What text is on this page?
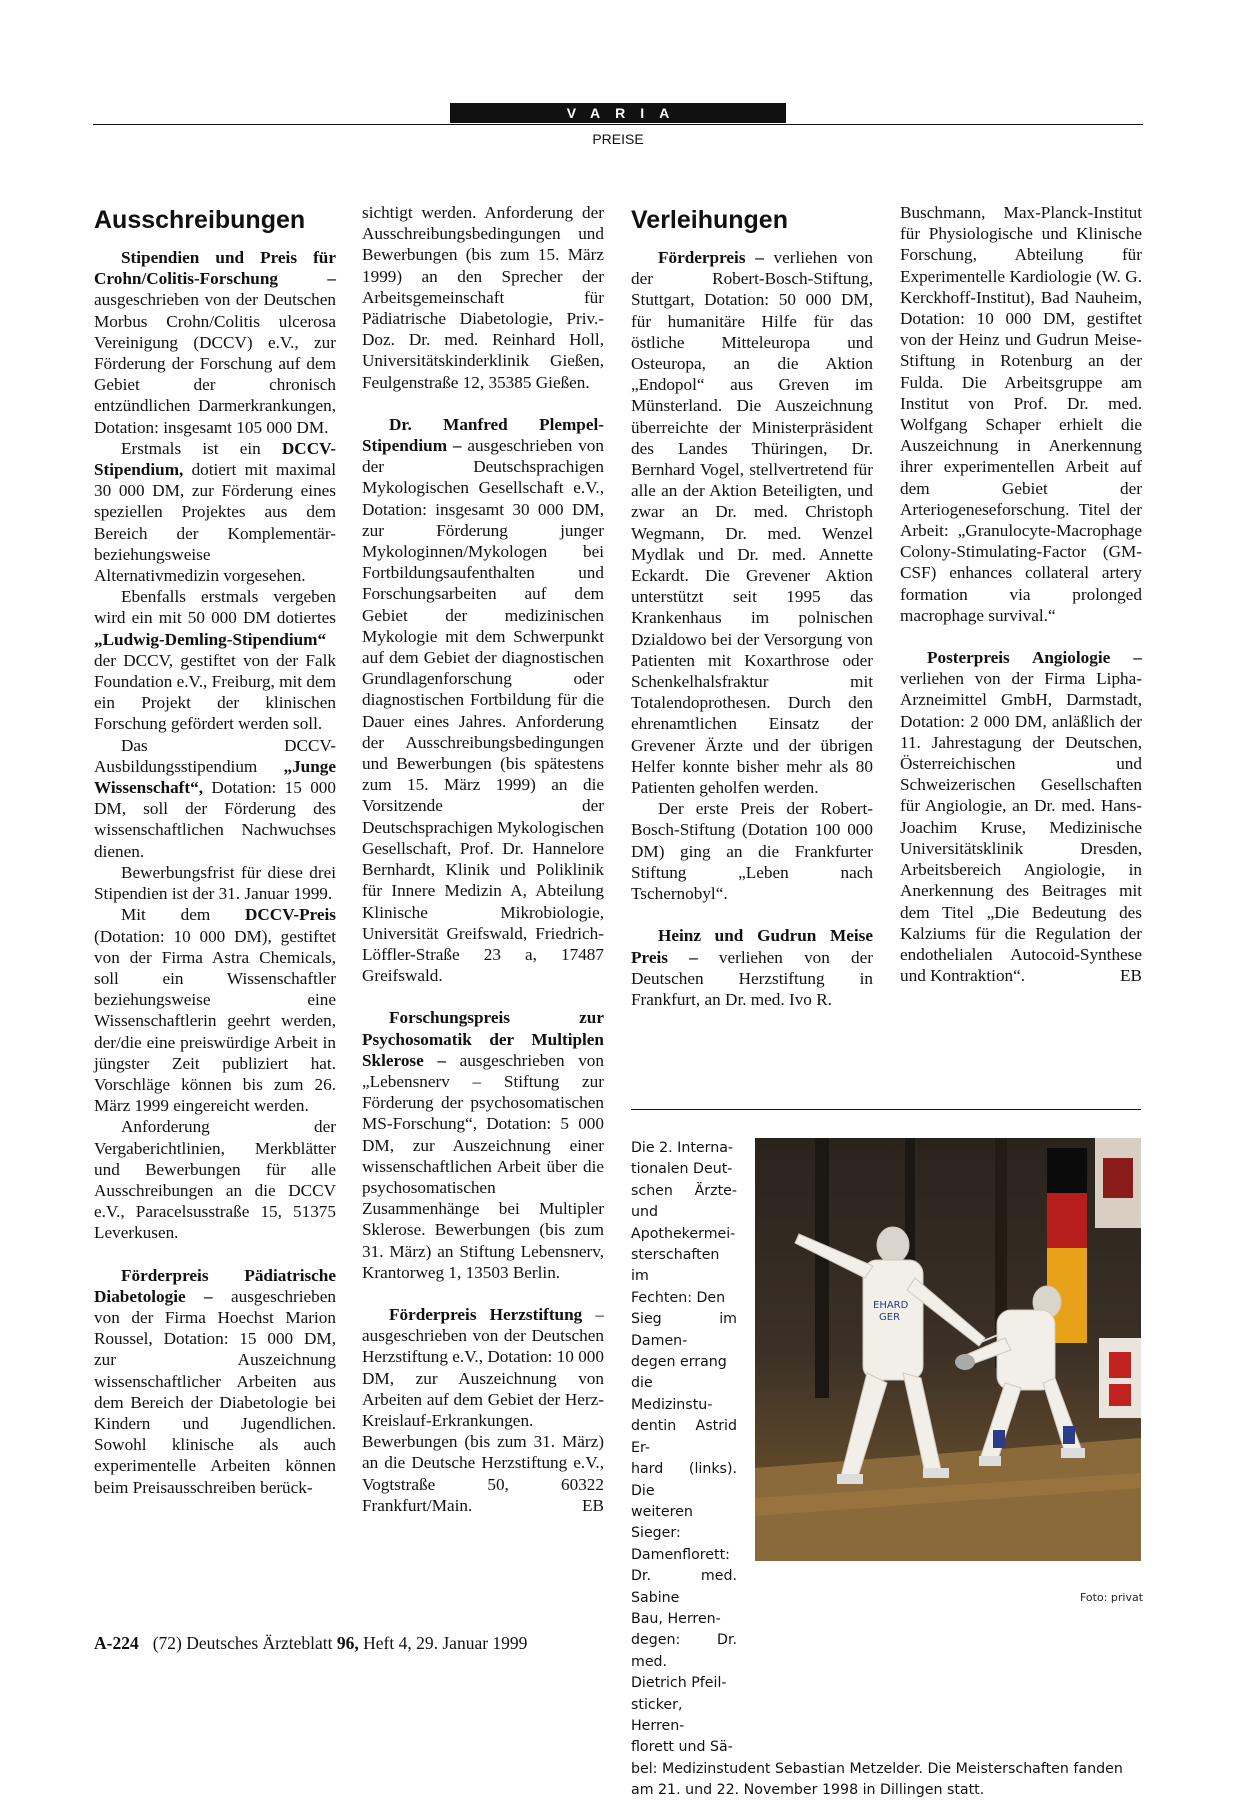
VARIA
PREISE
Ausschreibungen

Stipendien und Preis für Crohn/Colitis-Forschung – ausgeschrieben von der Deutschen Morbus Crohn/Colitis ulcerosa Vereinigung (DCCV) e.V., zur Förderung der Forschung auf dem Gebiet der chronisch entzündlichen Darmerkrankungen, Dotation: insgesamt 105 000 DM.

Erstmals ist ein DCCV-Stipendium, dotiert mit maximal 30 000 DM, zur Förderung eines speziellen Projektes aus dem Bereich der Komplementär- beziehungsweise Alternativmedizin vorgesehen.

Ebenfalls erstmals vergeben wird ein mit 50 000 DM dotiertes „Ludwig-Demling-Stipendium“ der DCCV, gestiftet von der Falk Foundation e.V., Freiburg, mit dem ein Projekt der klinischen Forschung gefördert werden soll.

Das DCCV-Ausbildungsstipendium „Junge Wissenschaft“, Dotation: 15 000 DM, soll der Förderung des wissenschaftlichen Nachwuchses dienen.

Bewerbungsfrist für diese drei Stipendien ist der 31. Januar 1999.

Mit dem DCCV-Preis (Dotation: 10 000 DM), gestiftet von der Firma Astra Chemicals, soll ein Wissenschaftler beziehungsweise eine Wissenschaftlerin geehrt werden, der/die eine preiswürdige Arbeit in jüngster Zeit publiziert hat. Vorschläge können bis zum 26. März 1999 eingereicht werden.

Anforderung der Vergaberichtlinien, Merkblätter und Bewerbungen für alle Ausschreibungen an die DCCV e.V., Paracelsusstraße 15, 51375 Leverkusen.

Förderpreis Pädiatrische Diabetologie – ausgeschrieben von der Firma Hoechst Marion Roussel, Dotation: 15 000 DM, zur Auszeichnung wissenschaftlicher Arbeiten aus dem Bereich der Diabetologie bei Kindern und Jugendlichen. Sowohl klinische als auch experimentelle Arbeiten können beim Preisausschreiben berück-

sichtigt werden. Anforderung der Ausschreibungsbedingungen und Bewerbungen (bis zum 15. März 1999) an den Sprecher der Arbeitsgemeinschaft für Pädiatrische Diabetologie, Priv.-Doz. Dr. med. Reinhard Holl, Universitätskinderklinik Gießen, Feulgenstraße 12, 35385 Gießen.

Dr. Manfred Plempel-Stipendium – ausgeschrieben von der Deutschsprachigen Mykologischen Gesellschaft e.V., Dotation: insgesamt 30 000 DM, zur Förderung junger Mykologinnen/Mykologen bei Fortbildungsaufenthalten und Forschungsarbeiten auf dem Gebiet der medizinischen Mykologie mit dem Schwerpunkt auf dem Gebiet der diagnostischen Grundlagenforschung oder diagnostischen Fortbildung für die Dauer eines Jahres. Anforderung der Ausschreibungsbedingungen und Bewerbungen (bis spätestens zum 15. März 1999) an die Vorsitzende der Deutschsprachigen Mykologischen Gesellschaft, Prof. Dr. Hannelore Bernhardt, Klinik und Poliklinik für Innere Medizin A, Abteilung Klinische Mikrobiologie, Universität Greifswald, Friedrich-Löffler-Straße 23 a, 17487 Greifswald.

Forschungspreis zur Psychosomatik der Multiplen Sklerose – ausgeschrieben von „Lebensnerv – Stiftung zur Förderung der psychosomatischen MS-Forschung“, Dotation: 5 000 DM, zur Auszeichnung einer wissenschaftlichen Arbeit über die psychosomatischen Zusammenhänge bei Multipler Sklerose. Bewerbungen (bis zum 31. März) an Stiftung Lebensnerv, Krantorweg 1, 13503 Berlin.

Förderpreis Herzstiftung – ausgeschrieben von der Deutschen Herzstiftung e.V., Dotation: 10 000 DM, zur Auszeichnung von Arbeiten auf dem Gebiet der Herz-Kreislauf-Erkrankungen. Bewerbungen (bis zum 31. März) an die Deutsche Herzstiftung e.V., Vogtstraße 50, 60322 Frankfurt/Main.	EB

Verleihungen

Förderpreis – verliehen von der Robert-Bosch-Stiftung, Stuttgart, Dotation: 50 000 DM, für humanitäre Hilfe für das östliche Mitteleuropa und Osteuropa, an die Aktion „Endopol“ aus Greven im Münsterland. Die Auszeichnung überreichte der Ministerpräsident des Landes Thüringen, Dr. Bernhard Vogel, stellvertretend für alle an der Aktion Beteiligten, und zwar an Dr. med. Christoph Wegmann, Dr. med. Wenzel Mydlak und Dr. med. Annette Eckardt. Die Grevener Aktion unterstützt seit 1995 das Krankenhaus im polnischen Dzialdowo bei der Versorgung von Patienten mit Koxarthrose oder Schenkelhalsfraktur mit Totalendoprothesen. Durch den ehrenamtlichen Einsatz der Grevener Ärzte und der übrigen Helfer konnte bisher mehr als 80 Patienten geholfen werden.

Der erste Preis der Robert-Bosch-Stiftung (Dotation 100 000 DM) ging an die Frankfurter Stiftung „Leben nach Tschernobyl“.

Heinz und Gudrun Meise Preis – verliehen von der Deutschen Herzstiftung in Frankfurt, an Dr. med. Ivo R.

Buschmann, Max-Planck-Institut für Physiologische und Klinische Forschung, Abteilung für Experimentelle Kardiologie (W. G. Kerckhoff-Institut), Bad Nauheim, Dotation: 10 000 DM, gestiftet von der Heinz und Gudrun Meise-Stiftung in Rotenburg an der Fulda. Die Arbeitsgruppe am Institut von Prof. Dr. med. Wolfgang Schaper erhielt die Auszeichnung in Anerkennung ihrer experimentellen Arbeit auf dem Gebiet der Arteriogeneseforschung. Titel der Arbeit: „Granulocyte-Macrophage Colony-Stimulating-Factor (GM-CSF) enhances collateral artery formation via prolonged macrophage survival.“

Posterpreis Angiologie – verliehen von der Firma Lipha-Arzneimittel GmbH, Darmstadt, Dotation: 2 000 DM, anläßlich der 11. Jahrestagung der Deutschen, Österreichischen und Schweizerischen Gesellschaften für Angiologie, an Dr. med. Hans-Joachim Kruse, Medizinische Universitätsklinik Dresden, Arbeitsbereich Angiologie, in Anerkennung des Beitrages mit dem Titel „Die Bedeutung des Kalziums für die Regulation der endothelialen Autocoid-Synthese und Kontraktion“.	EB

Die 2. Interna-
tionalen Deut-
schen Ärzte- und
Apothekermei-
sterschaften im
Fechten: Den
Sieg im Damen-
degen errang
die Medizinstu-
dentin Astrid Er-
hard (links). Die
weiteren Sieger:
Damenflorett:
Dr. med. Sabine
Bau, Herren-
degen: Dr. med.
Dietrich Pfeil-
sticker, Herren-
florett und Sä-
bel: Medizinstudent Sebastian Metzelder. Die Meisterschaften fanden am 21. und 22. November 1998 in Dillingen statt.
EHARD
GER
Foto: privat
A-224 (72) Deutsches Ärzteblatt 96, Heft 4, 29. Januar 1999
